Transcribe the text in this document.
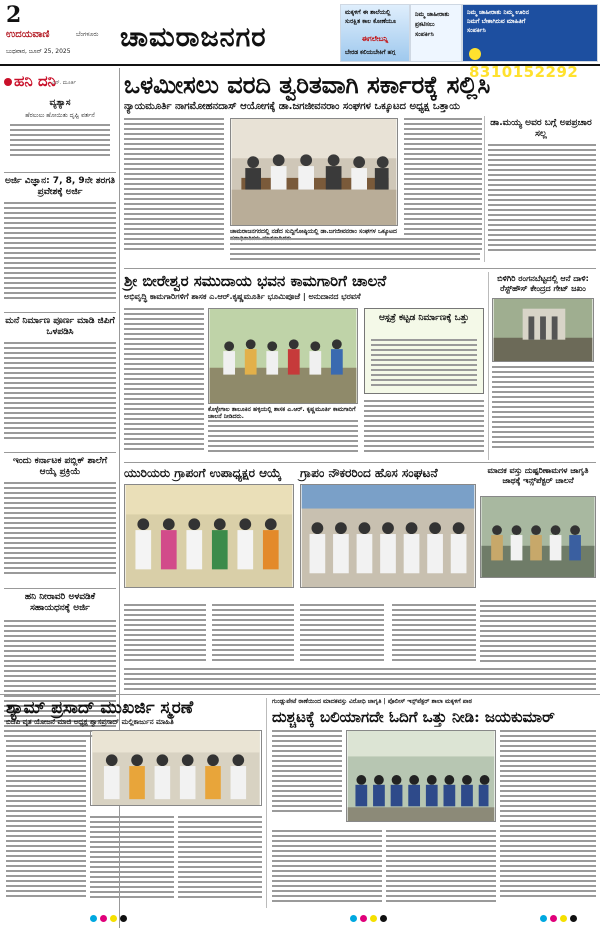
2
ಉದಯವಾಣಿ	ಬೆಂಗಳೂರು
ಬುಧವಾರ, ಜೂನ್‌ 25, 2025 ಚಾಮರಾಜನಗರ
ಮಕ್ಕಳಿಗೆ ಈ ಶಾಲೆಯಲ್ಲಿ
ಸುರಕ್ಷಿತ ಕಾಲ ಕೋಣೆಯೂ
ಈಗಲೇಬನ್ನಿ
ಬೇರಡ ಕಲಿಯಬೇಕಿಗೆ ಹಗ್ಗ
ನಿಮ್ಮ ಜಾಹೀರಾತು
ಪ್ರಕಟಿಸಲು
ಸಂಪರ್ಕಿಸಿ
ನಿಮ್ಮ ಜಾಹೀರಾತು ನಿಮ್ಮ ಊರಿನ
ನಿಮಗೆ ಬೇಕಾಗಿರುವ ಮಾಹಿತಿಗೆ
ಸಂಪರ್ಕಿಸಿ
8310152292
ಹನಿ ದನಿ
ಎನ್‌. ಮೂರ್ತಿ
ವ್ಯತ್ಯಾಸ
ಹೆರಲುಲು ಹೋಯಿತು ದೃಷ್ಟಿ ವರ್ತನೆ
ಅರ್ಜಿ ವಿಜ್ಞಾನ: 7, 8, 9ನೇ ತರಗತಿ ಪ್ರವೇಶಕ್ಕೆ ಅರ್ಜಿ
ಮನೆ ನಿರ್ಮಾಣ ಪೂರ್ಣ ಮಾಡಿ ಜಿಪಿಗೆ ಒಳಪಡಿಸಿ
ಇಂದು ಕರ್ನಾಟಕ ಪಬ್ಲಿಕ್ ಶಾಲೆಗೆ ಆಯ್ಕೆ ಪ್ರಕ್ರಿಯೆ
ಹನಿ ನೀರಾವರಿ ಅಳವಡಿಕೆ ಸಹಾಯಧನಕ್ಕೆ ಅರ್ಜಿ
ಒಳಮೀಸಲು ವರದಿ ತ್ವರಿತವಾಗಿ ಸರ್ಕಾರಕ್ಕೆ ಸಲ್ಲಿಸಿ
ನ್ಯಾಯಮೂರ್ತಿ ನಾಗಮೋಹನದಾಸ್‌ ಆಯೋಗಕ್ಕೆ ಡಾ.ಜಗಜೀವನರಾಂ ಸಂಘಗಳ ಒಕ್ಕೂಟದ ಅಧ್ಯಕ್ಷ ಒತ್ತಾಯ
ಚಾಮರಾಜನಗರದಲ್ಲಿ ನಡೆದ ಸುದ್ದಿಗೋಷ್ಠಿಯಲ್ಲಿ ಡಾ.ಜಗಜೀವನರಾಂ ಸಂಘಗಳ ಒಕ್ಕೂಟದ
ಡಾ.ಮಯ್ಯ ಅವರ ಬಗ್ಗೆ ಅಪಪ್ರಚಾರ ಸಲ್ಲ
ಶ್ರೀ ಬೀರೇಶ್ವರ ಸಮುದಾಯ ಭವನ ಕಾಮಗಾರಿಗೆ ಚಾಲನೆ
ಅಭಿವೃದ್ಧಿ ಕಾಮಗಾರಿಗಳಿಗೆ ಶಾಸಕ ಎ.ಆರ್‌.ಕೃಷ್ಣಮೂರ್ತಿ ಭೂಮಿಪೂಜೆ | ಅನುದಾನದ ಭರವಸೆ
ಕೊಳ್ಳೇಗಾಲ ತಾಲೂಕಿನ ಹಳ್ಳಿಯಲ್ಲಿ ಶಾಸಕ ಎ.ಆರ್‌. ಕೃಷ್ಣಮೂರ್ತಿ ಕಾಮಗಾರಿಗೆ ಚಾಲನೆ ನೀಡಿದರು.
ಆಸ್ಪತ್ರೆ ಕಟ್ಟಡ ನಿರ್ಮಾಣಕ್ಕೆ ಒತ್ತು
ಬಿಳಿಗಿರಿ ರಂಗನಬೆಟ್ಟದಲ್ಲಿ ಆನೆ ದಾಳಿ: ರೆಸ್ಟ್‌ಹೌಸ್‌ ಕೇಂದ್ರದ ಗೇಟ್‌ ಜಖಂ
ಯುರಿಯರು ಗ್ರಾಪಂಗೆ ಉಪಾಧ್ಯಕ್ಷರ ಆಯ್ಕೆ	ಗ್ರಾಪಂ ನೌಕರರಿಂದ ಹೊಸ ಸಂಘಟನೆ	ಮಾದಕ ವಸ್ತು ದುಷ್ಪರಿಣಾಮಗಳ ಜಾಗೃತಿ ಜಾಥಕ್ಕೆ ಇನ್ಸ್‌ಪೆಕ್ಟರ್‌ ಚಾಲನೆ
ಶ್ಯಾಮ್‌ ಪ್ರಸಾದ್‌ ಮುಖರ್ಜಿ ಸ್ಮರಣೆ
ಬಿಜೆಪಿ ವೃತ ಯೋಜನೆ ಮಾಜಿ ಅಧ್ಯಕ್ಷ ಶ್ವಾಸಪ್ರಸಾದ್‌ ಮಲ್ಲಿಕಾರ್ಜುನ ಮಾಹಿತಿ
ಗುಂಡ್ಲುಪೇಟೆ ಠಾಣೆಯಿಂದ ಮಾದಕವಸ್ತು ವಿರೋಧಿ ಜಾಗೃತಿ | ಪೊಲೀಸ್‌ ಇನ್ಸ್‌ಪೆಕ್ಟರ್‌ ಶಾಲಾ ಮಕ್ಕಳಿಗೆ ಪಾಠ
ದುಶ್ಚಟಕ್ಕೆ ಬಲಿಯಾಗದೇ ಓದಿಗೆ ಒತ್ತು ನೀಡಿ: ಜಯಕುಮಾರ್‌
